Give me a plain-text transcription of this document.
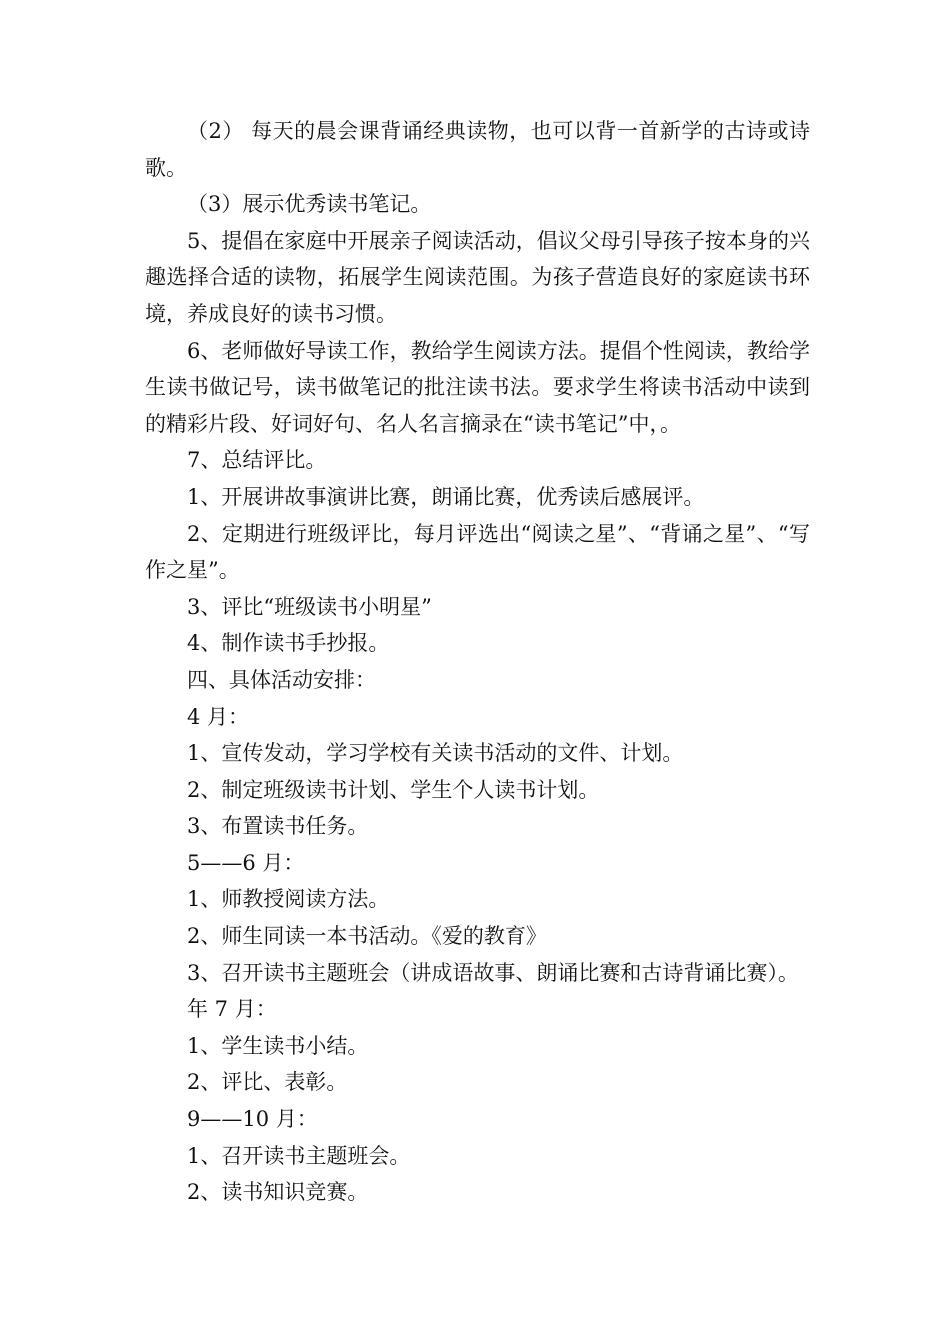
（2） 每天的晨会课背诵经典读物，也可以背一首新学的古诗或诗歌。

（3）展示优秀读书笔记。

5、提倡在家庭中开展亲子阅读活动，倡议父母引导孩子按本身的兴趣选择合适的读物，拓展学生阅读范围。为孩子营造良好的家庭读书环境，养成良好的读书习惯。

6、老师做好导读工作，教给学生阅读方法。提倡个性阅读，教给学生读书做记号，读书做笔记的批注读书法。要求学生将读书活动中读到的精彩片段、好词好句、名人名言摘录在“读书笔记”中，。

7、总结评比。

1、开展讲故事演讲比赛，朗诵比赛，优秀读后感展评。

2、定期进行班级评比，每月评选出“阅读之星”、“背诵之星”、“写作之星”。

3、评比“班级读书小明星”

4、制作读书手抄报。

四、具体活动安排：

4 月：

1、宣传发动，学习学校有关读书活动的文件、计划。

2、制定班级读书计划、学生个人读书计划。

3、布置读书任务。

5——6 月：

1、师教授阅读方法。

2、师生同读一本书活动。《爱的教育》

3、召开读书主题班会（讲成语故事、朗诵比赛和古诗背诵比赛）。

年 7 月：

1、学生读书小结。

2、评比、表彰。

9——10 月：

1、召开读书主题班会。

2、读书知识竞赛。
